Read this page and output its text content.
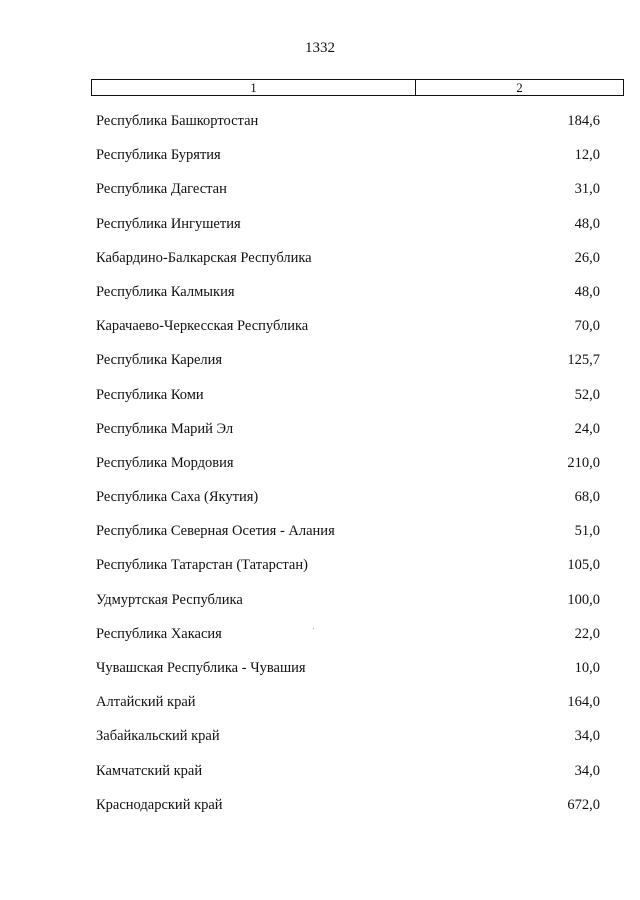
1332
1	2
Республика Башкортостан	184,6
Республика Бурятия	12,0
Республика Дагестан	31,0
Республика Ингушетия	48,0
Кабардино-Балкарская Республика	26,0
Республика Калмыкия	48,0
Карачаево-Черкесская Республика	70,0
Республика Карелия	125,7
Республика Коми	52,0
Республика Марий Эл	24,0
Республика Мордовия	210,0
Республика Саха (Якутия)	68,0
Республика Северная Осетия - Алания	51,0
Республика Татарстан (Татарстан)	105,0
Удмуртская Республика	100,0
Республика Хакасия	22,0
Чувашская Республика - Чувашия	10,0
Алтайский край	164,0
Забайкальский край	34,0
Камчатский край	34,0
Краснодарский край	672,0
